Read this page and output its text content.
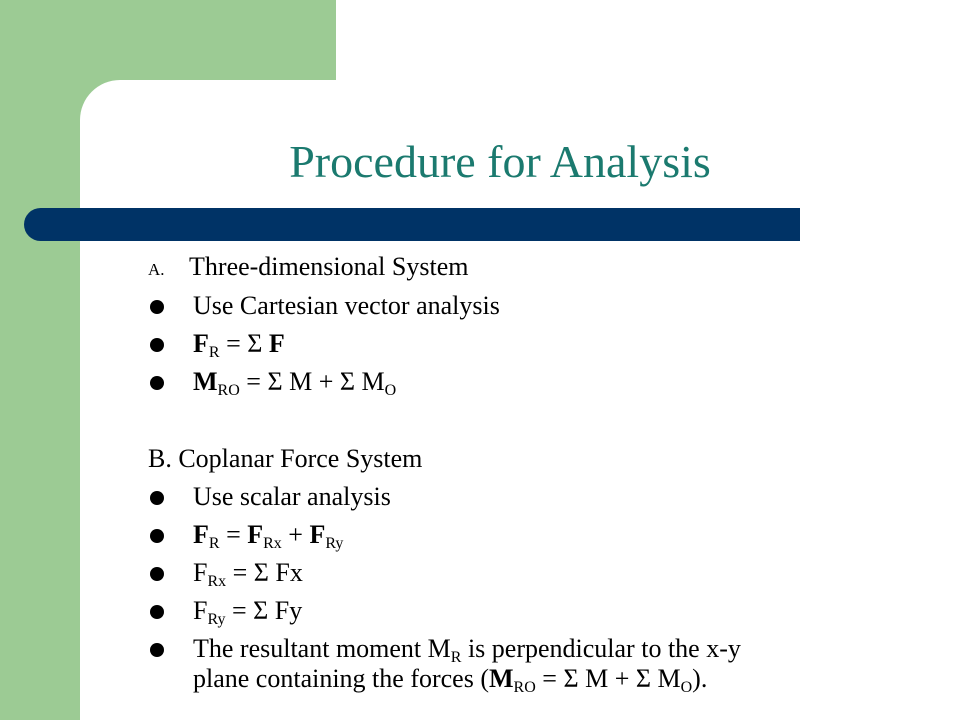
Procedure for Analysis
A. Three-dimensional System
Use Cartesian vector analysis
$F_R = \Sigma$ F
$M_{RO} = \Sigma$ M + Σ $M_O$
B. Coplanar Force System
Use scalar analysis
$F_R = F_{Rx} + F_{Ry}$
$F_{Rx} = \Sigma$ Fx
$F_{Ry} = \Sigma$ Fy
The resultant moment $M_R$ is perpendicular to the x-y
plane containing the forces ($M_{RO} = \Sigma$ M + Σ $M_O$).
